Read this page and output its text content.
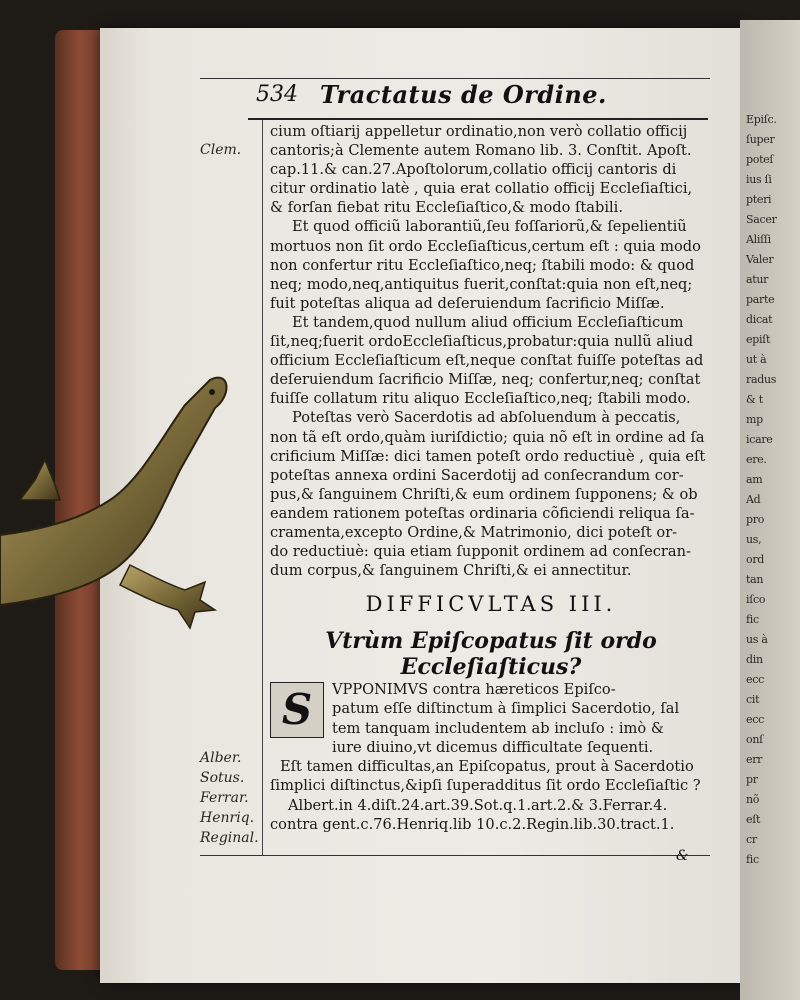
Epiſc.
ſuper
poteſ
ius ſi
pteri
Sacer
Aliſſi
Valer
atur
parte
dicat
epiſt
ut à
radus
& t
mp
icare
ere.
am
Ad
pro
us,
ord
tan
iſco
fic
us à
din
ecc
cit
ecc
onſ
err
pr
nõ
eſt
cr
fic
534 Tractatus de Ordine.
Clem.
Alber.
Sotus.
Ferrar.
Henriq.
Reginal.
cium oſtiarij appelletur ordinatio,non verò collatio officij
cantoris;à Clemente autem Romano lib. 3. Conſtit. Apoſt.
cap.11.& can.27.Apoſtolorum,collatio officij cantoris di
citur ordinatio latè , quia erat collatio officij Eccleſiaſtici,
& forſan fiebat ritu Eccleſiaſtico,& modo ſtabili.
Et quod officiũ laborantiũ,ſeu foſſariorũ,& ſepelientiũ
mortuos non ſit ordo Eccleſiaſticus,certum eſt : quia modo
non confertur ritu Eccleſiaſtico,neq; ſtabili modo: & quod
neq; modo,neq,antiquitus fuerit,conſtat:quia non eſt,neq;
fuit poteſtas aliqua ad deſeruiendum ſacrificio Miſſæ.
Et tandem,quod nullum aliud officium Eccleſiaſticum
ſit,neq;fuerit ordoEccleſiaſticus,probatur:quia nullũ aliud
officium Eccleſiaſticum eſt,neque conſtat fuiſſe poteſtas ad
deſeruiendum ſacrificio Miſſæ, neq; confertur,neq; conſtat
fuiſſe collatum ritu aliquo Eccleſiaſtico,neq; ſtabili modo.
Poteſtas verò Sacerdotis ad abſoluendum à peccatis,
non tã eſt ordo,quàm iuriſdictio; quia nõ eſt in ordine ad ſa
crificium Miſſæ: dici tamen poteſt ordo reductiuè , quia eſt
poteſtas annexa ordini Sacerdotij ad conſecrandum cor-
pus,& ſanguinem Chriſti,& eum ordinem ſupponens; & ob
eandem rationem poteſtas ordinaria cõficiendi reliqua ſa-
cramenta,excepto Ordine,& Matrimonio, dici poteſt or-
do reductiuè: quia etiam ſupponit ordinem ad conſecran-
dum corpus,& ſanguinem Chriſti,& ei annectitur.
DIFFICVLTAS III.
Vtrùm Epiſcopatus ſit ordo Eccleſiaſticus?
S	VPPONIMVS contra hæreticos Epiſco-
patum eſſe diſtinctum à ſimplici Sacerdotio, ſal
tem tanquam includentem ab incluſo : imò &
iure diuino,vt dicemus difficultate ſequenti.
Eſt tamen difficultas,an Epiſcopatus, prout à Sacerdotio
ſimplici diſtinctus,&ipſi ſuperadditus ſit ordo Eccleſiaſtic ?
Albert.in 4.diſt.24.art.39.Sot.q.1.art.2.& 3.Ferrar.4.
contra gent.c.76.Henriq.lib 10.c.2.Regin.lib.30.tract.1.
&
